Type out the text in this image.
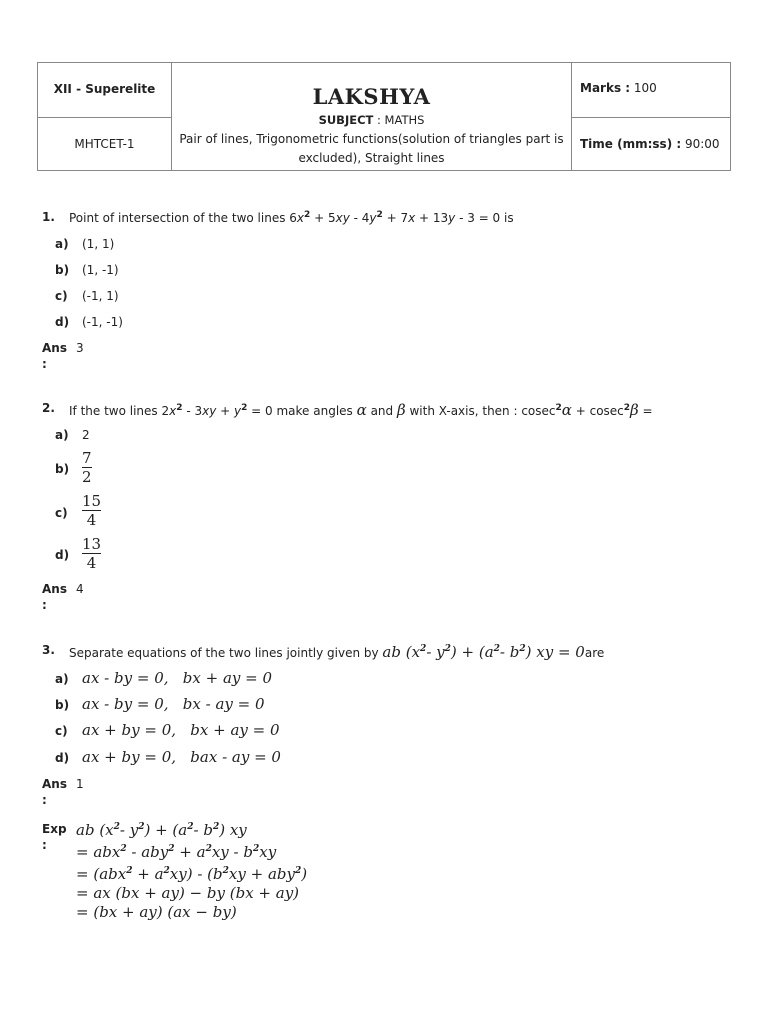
XII - Superelite	LAKSHYA
SUBJECT : MATHS
Pair of lines, Trigonometric functions(solution of triangles part is excluded), Straight lines
Marks : 100
MHTCET-1	Time (mm:ss) : 90:00
1. Point of intersection of the two lines $6x^2 + 5xy - 4y^2 + 7x + 13y - 3 = 0$ is
a) (1, 1)
b) (1, -1)
c) (-1, 1)
d) (-1, -1)
Ans 3
:
2. If the two lines $2x^2 - 3xy + y^2 = 0$ make angles α and β with X-axis, then : cosec$^2$α + cosec$^2$β =
a) 2
b)
7
2
c)
15
4
d)
13
4
Ans 4
:
3. Separate equations of the two lines jointly given by ab ($x^2-$ $y^2) + (a^2-$ $b^2$) xy = 0are
a) ax - by = 0,   bx + ay = 0
b) ax - by = 0,   bx - ay = 0
c) ax + by = 0,   bx + ay = 0
d) ax + by = 0,   bax - ay = 0
Ans 1
:
Exp
:
ab ($x^2-$ $y^2) + (a^2-$ $b^2$) xy
= $abx^2 - aby^2 + a^2xy - b^2xy$
= $(abx^2 + a^2xy) - (b^2xy + aby^2)$
= ax (bx + ay) − by (bx + ay)
= (bx + ay) (ax − by)
